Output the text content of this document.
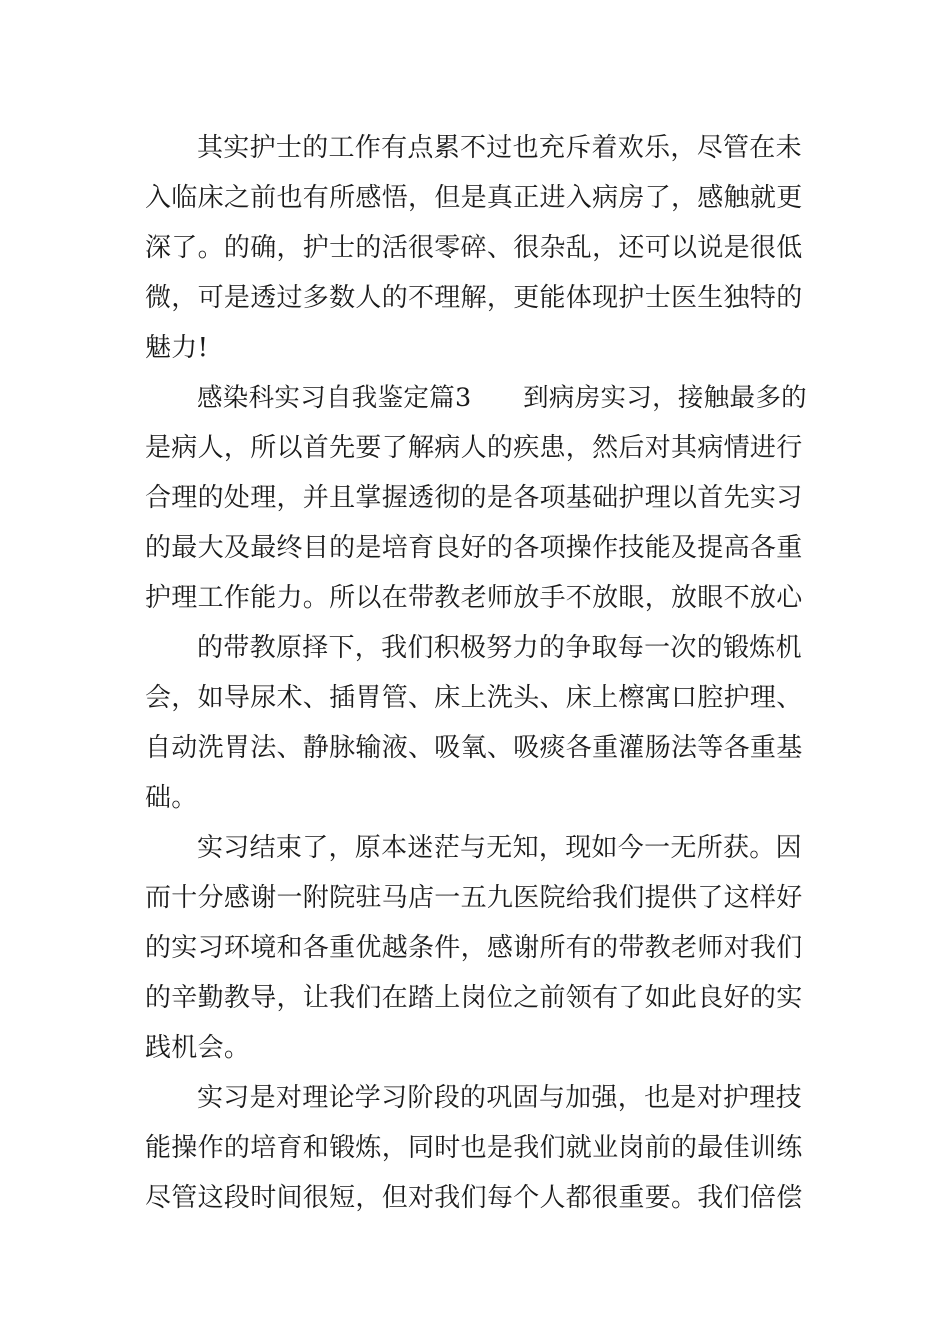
其实护士的工作有点累不过也充斥着欢乐，尽管在未

入临床之前也有所感悟，但是真正进入病房了，感触就更

深了。的确，护士的活很零碎、很杂乱，还可以说是很低

微，可是透过多数人的不理解，更能体现护士医生独特的

魅力!

感染科实习自我鉴定篇3　　到病房实习，接触最多的

是病人，所以首先要了解病人的疾患，然后对其病情进行

合理的处理，并且掌握透彻的是各项基础护理以首先实习

的最大及最终目的是培育良好的各项操作技能及提高各重

护理工作能力。所以在带教老师放手不放眼，放眼不放心

的带教原择下，我们积极努力的争取每一次的锻炼机

会，如导尿术、插胃管、床上洗头、床上檫寓口腔护理、

自动洗胃法、静脉输液、吸氧、吸痰各重灌肠法等各重基

础。

实习结束了，原本迷茫与无知，现如今一无所获。因

而十分感谢一附院驻马店一五九医院给我们提供了这样好

的实习环境和各重优越条件，感谢所有的带教老师对我们

的辛勤教导，让我们在踏上岗位之前领有了如此良好的实

践机会。

实习是对理论学习阶段的巩固与加强，也是对护理技

能操作的培育和锻炼，同时也是我们就业岗前的最佳训练

尽管这段时间很短，但对我们每个人都很重要。我们倍偿
